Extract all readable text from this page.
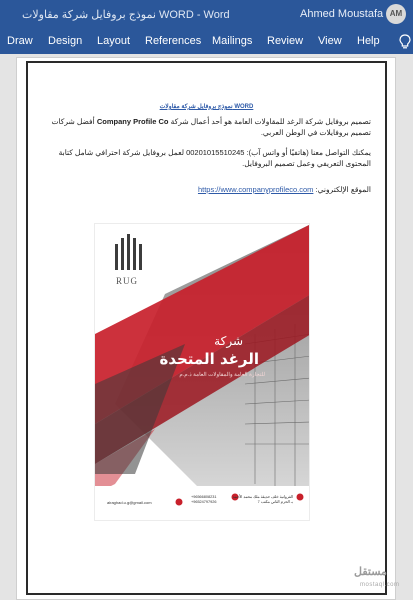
نموذج بروفايل شركة مقاولات WORD - Word	Ahmed Moustafa AM
Draw Design Layout References Mailings Review View Help
نموذج بروفايل شركة مقاولات WORD
تصميم بروفايل شركة الرغد للمقاولات العامة هو أحد أعمال شركة Company Profile Co أفضل شركات تصميم بروفايلات في الوطن العربي.
يمكنك التواصل معنا (هاتفيًا أو واتس آب): 00201015510245 لعمل بروفايل شركة احترافي شامل كتابة المحتوى التعريفي وعمل تصميم البروفايل.
الموقع الإلكتروني: https://www.companyprofileco.com
RUG
شركة
الرغد المتحدة
للتجارة العامة والمقاولات العامة ذ.م.م
الفروانية خلف حديقة ملك محمد الأحمد بـ الحرم الثاني مكتب 7
+96566808231
+96524797926
alraghad.u.g@gmail.com
مستقل
mostaql.com
